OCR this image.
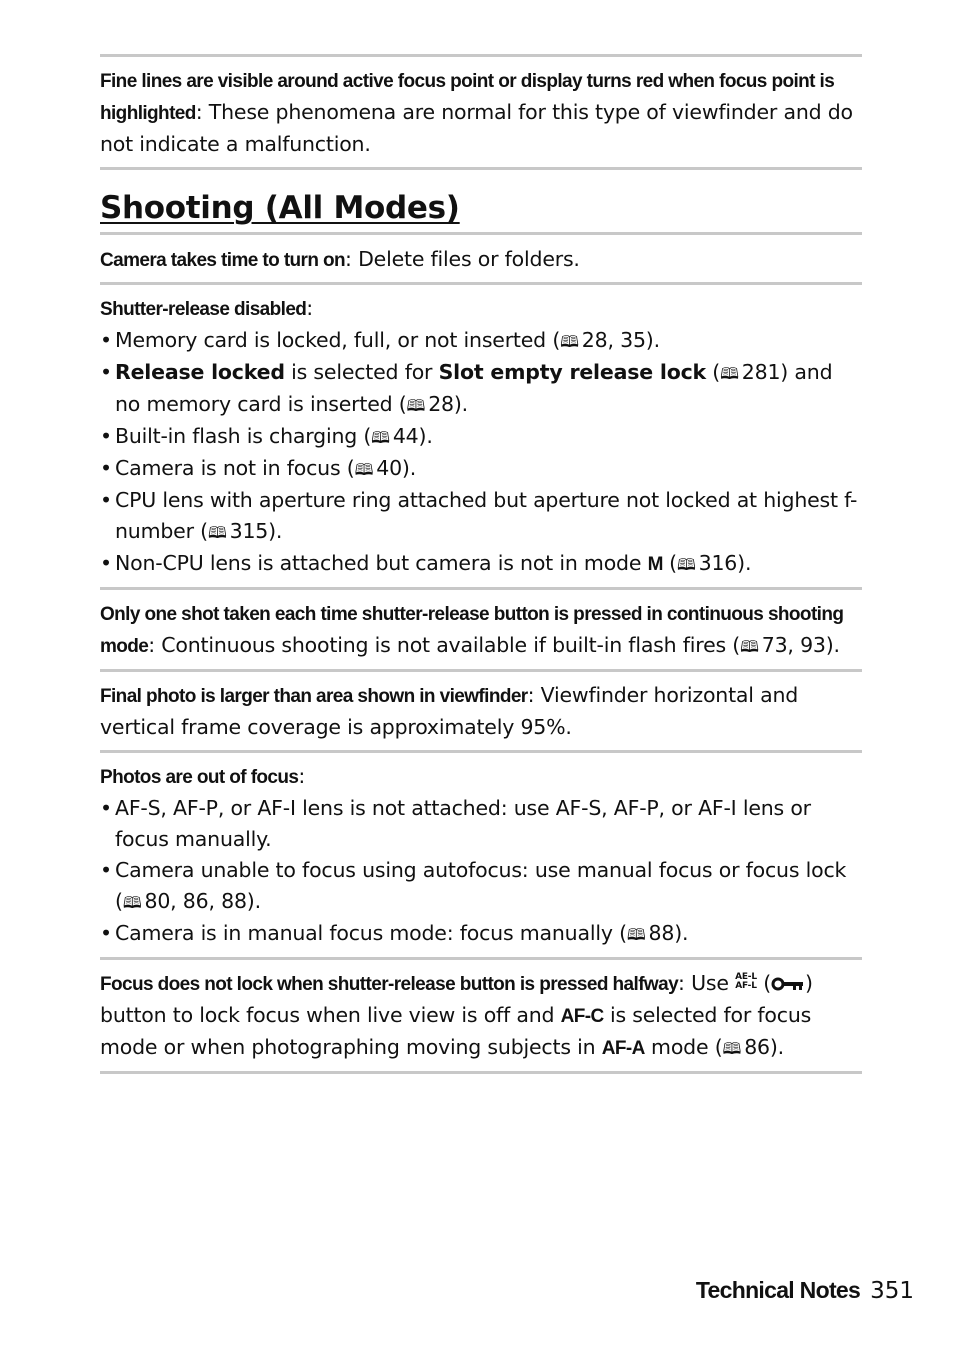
Fine lines are visible around active focus point or display turns red when focus point is highlighted: These phenomena are normal for this type of viewfinder and do not indicate a malfunction.
Shooting (All Modes)
Camera takes time to turn on: Delete files or folders.
Shutter-release disabled:
• Memory card is locked, full, or not inserted (🕮 28, 35).
• Release locked is selected for Slot empty release lock (🕮 281) and no memory card is inserted (🕮 28).
• Built-in flash is charging (🕮 44).
• Camera is not in focus (🕮 40).
• CPU lens with aperture ring attached but aperture not locked at highest f-number (🕮 315).
• Non-CPU lens is attached but camera is not in mode M (🕮 316).
Only one shot taken each time shutter-release button is pressed in continuous shooting mode: Continuous shooting is not available if built-in flash fires (🕮 73, 93).
Final photo is larger than area shown in viewfinder: Viewfinder horizontal and vertical frame coverage is approximately 95%.
Photos are out of focus:
• AF-S, AF-P, or AF-I lens is not attached: use AF-S, AF-P, or AF-I lens or focus manually.
• Camera unable to focus using autofocus: use manual focus or focus lock (🕮 80, 86, 88).
• Camera is in manual focus mode: focus manually (🕮 88).
Focus does not lock when shutter-release button is pressed halfway: Use AE-L
AF-L ( ) button to lock focus when live view is off and AF-C is selected for focus mode or when photographing moving subjects in AF-A mode (🕮 86).
Technical Notes 351
